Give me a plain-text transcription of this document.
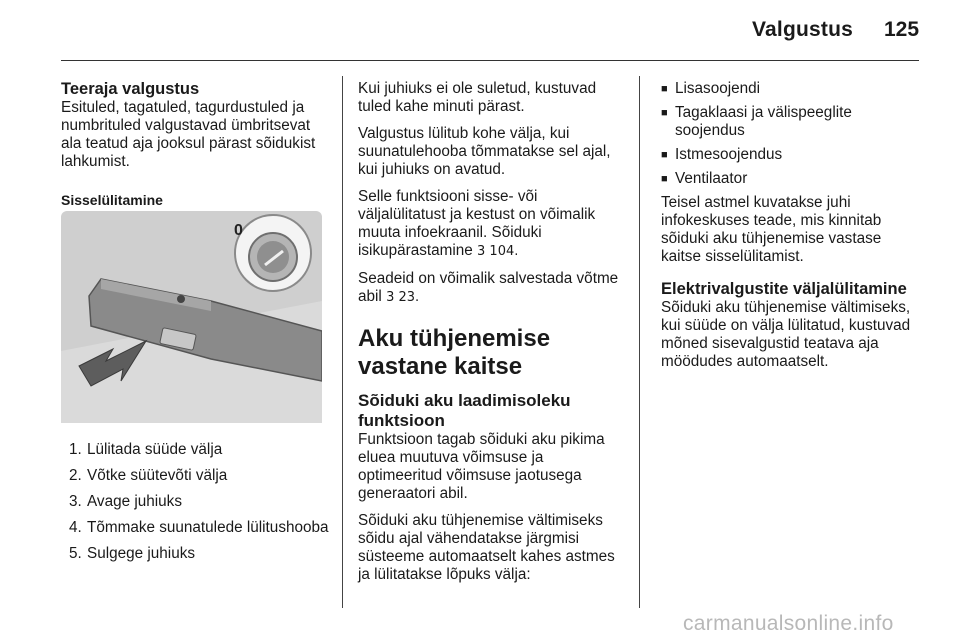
Valgustus 125
Teeraja valgustus

Esituled, tagatuled, tagurdustuled ja numbrituled valgustavad ümbritsevat ala teatud aja jooksul pärast sõidukist lahkumist.

Sisselülitamine
0
1. Lülitada süüde välja
2. Võtke süütevõti välja
3. Avage juhiuks
4. Tõmmake suunatulede lülitushooba
5. Sulgege juhiuks

Kui juhiuks ei ole suletud, kustuvad tuled kahe minuti pärast.

Valgustus lülitub kohe välja, kui suunatulehooba tõmmatakse sel ajal, kui juhiuks on avatud.

Selle funktsiooni sisse- või väljalülitatust ja kestust on võimalik muuta infoekraanil. Sõiduki isikupärastamine 3 104.

Seadeid on võimalik salvestada võtme abil 3 23.

Aku tühjenemise vastane kaitse
Sõiduki aku laadimisoleku funktsioon

Funktsioon tagab sõiduki aku pikima eluea muutuva võimsuse ja optimeeritud võimsuse jaotusega generaatori abil.

Sõiduki aku tühjenemise vältimiseks sõidu ajal vähendatakse järgmisi süsteeme automaatselt kahes astmes ja lülitatakse lõpuks välja:

■ Lisasoojendi
■ Tagaklaasi ja välispeeglite soojendus
■ Istmesoojendus
■ Ventilaator

Teisel astmel kuvatakse juhi infokeskuses teade, mis kinnitab sõiduki aku tühjenemise vastase kaitse sisselülitamist.

Elektrivalgustite väljalülitamine

Sõiduki aku tühjenemise vältimiseks, kui süüde on välja lülitatud, kustuvad mõned sisevalgustid teatava aja möödudes automaatselt.

carmanualsonline.info
